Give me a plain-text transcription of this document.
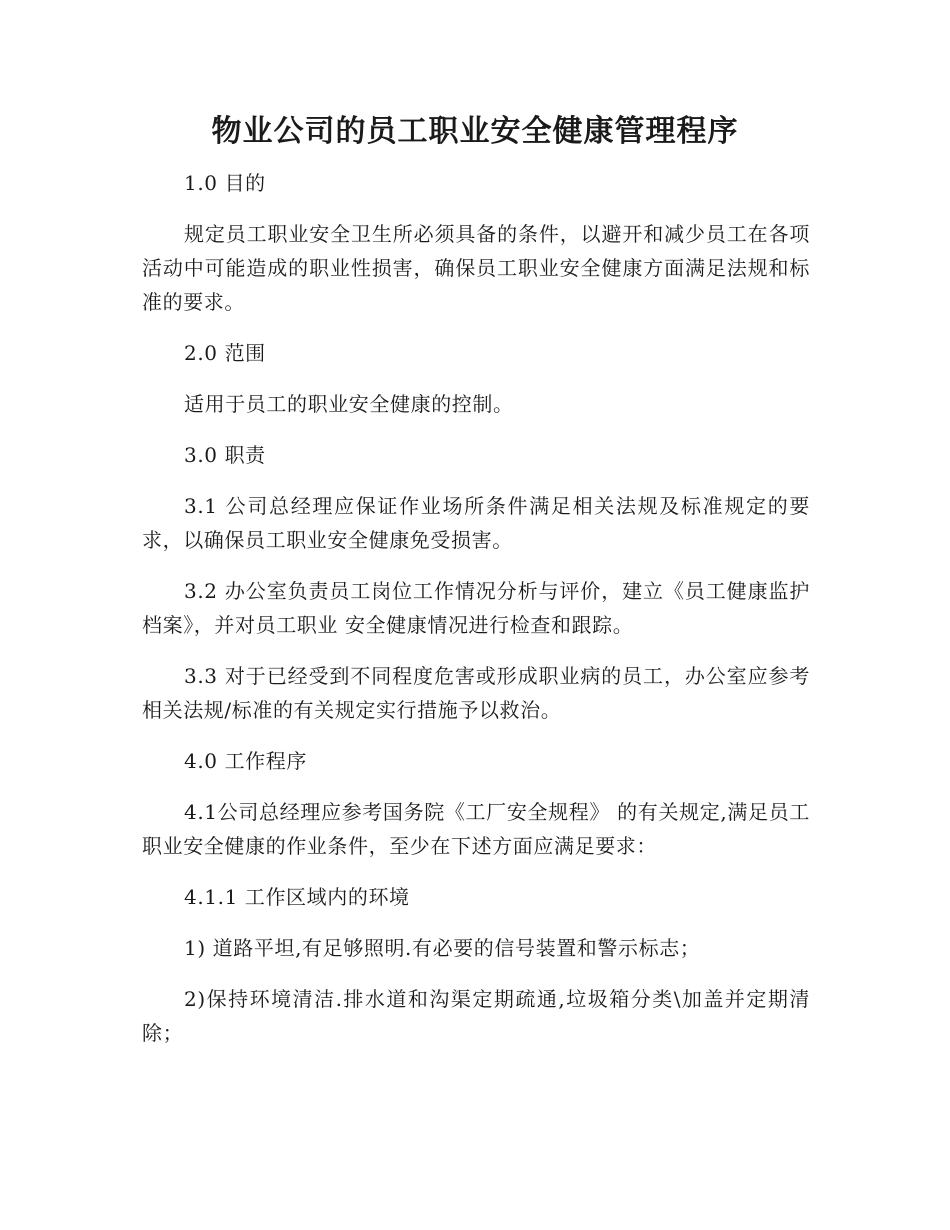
物业公司的员工职业安全健康管理程序

1.0 目的

规定员工职业安全卫生所必须具备的条件，以避开和减少员工在各项活动中可能造成的职业性损害，确保员工职业安全健康方面满足法规和标准的要求。

2.0 范围

适用于员工的职业安全健康的控制。

3.0 职责

3.1 公司总经理应保证作业场所条件满足相关法规及标准规定的要求，以确保员工职业安全健康免受损害。

3.2 办公室负责员工岗位工作情况分析与评价，建立《员工健康监护档案》，并对员工职业 安全健康情况进行检查和跟踪。

3.3 对于已经受到不同程度危害或形成职业病的员工，办公室应参考相关法规/标准的有关规定实行措施予以救治。

4.0 工作程序

4.1公司总经理应参考国务院《工厂安全规程》 的有关规定,满足员工职业安全健康的作业条件，至少在下述方面应满足要求：

4.1.1 工作区域内的环境

1) 道路平坦,有足够照明.有必要的信号装置和警示标志；

2)保持环境清洁.排水道和沟渠定期疏通,垃圾箱分类\加盖并定期清除；
